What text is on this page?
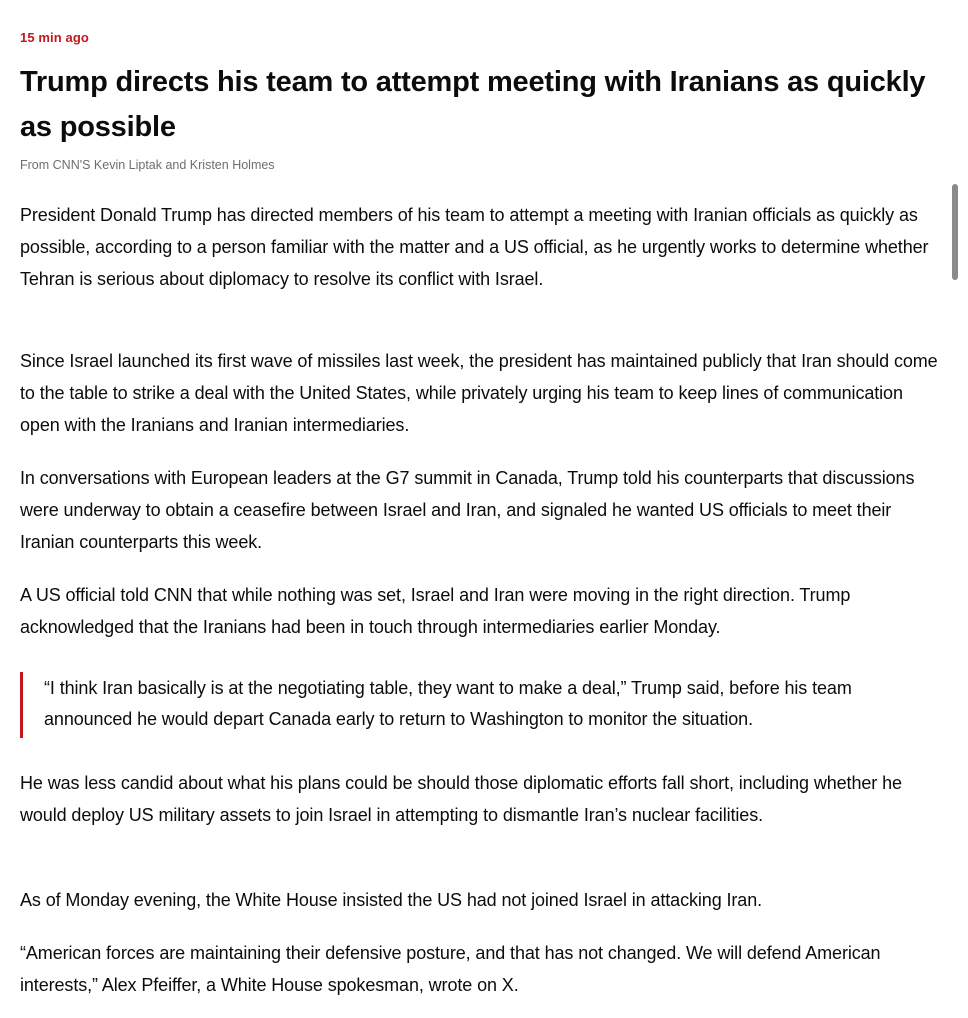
15 min ago
Trump directs his team to attempt meeting with Iranians as quickly as possible
From CNN'S Kevin Liptak and Kristen Holmes

President Donald Trump has directed members of his team to attempt a meeting with Iranian officials as quickly as possible, according to a person familiar with the matter and a US official, as he urgently works to determine whether Tehran is serious about diplomacy to resolve its conflict with Israel.

Since Israel launched its first wave of missiles last week, the president has maintained publicly that Iran should come to the table to strike a deal with the United States, while privately urging his team to keep lines of communication open with the Iranians and Iranian intermediaries.

In conversations with European leaders at the G7 summit in Canada, Trump told his counterparts that discussions were underway to obtain a ceasefire between Israel and Iran, and signaled he wanted US officials to meet their Iranian counterparts this week.

A US official told CNN that while nothing was set, Israel and Iran were moving in the right direction. Trump acknowledged that the Iranians had been in touch through intermediaries earlier Monday.

“I think Iran basically is at the negotiating table, they want to make a deal,” Trump said, before his team announced he would depart Canada early to return to Washington to monitor the situation.

He was less candid about what his plans could be should those diplomatic efforts fall short, including whether he would deploy US military assets to join Israel in attempting to dismantle Iran’s nuclear facilities.

As of Monday evening, the White House insisted the US had not joined Israel in attacking Iran.

“American forces are maintaining their defensive posture, and that has not changed. We will defend American interests,” Alex Pfeiffer, a White House spokesman, wrote on X.
